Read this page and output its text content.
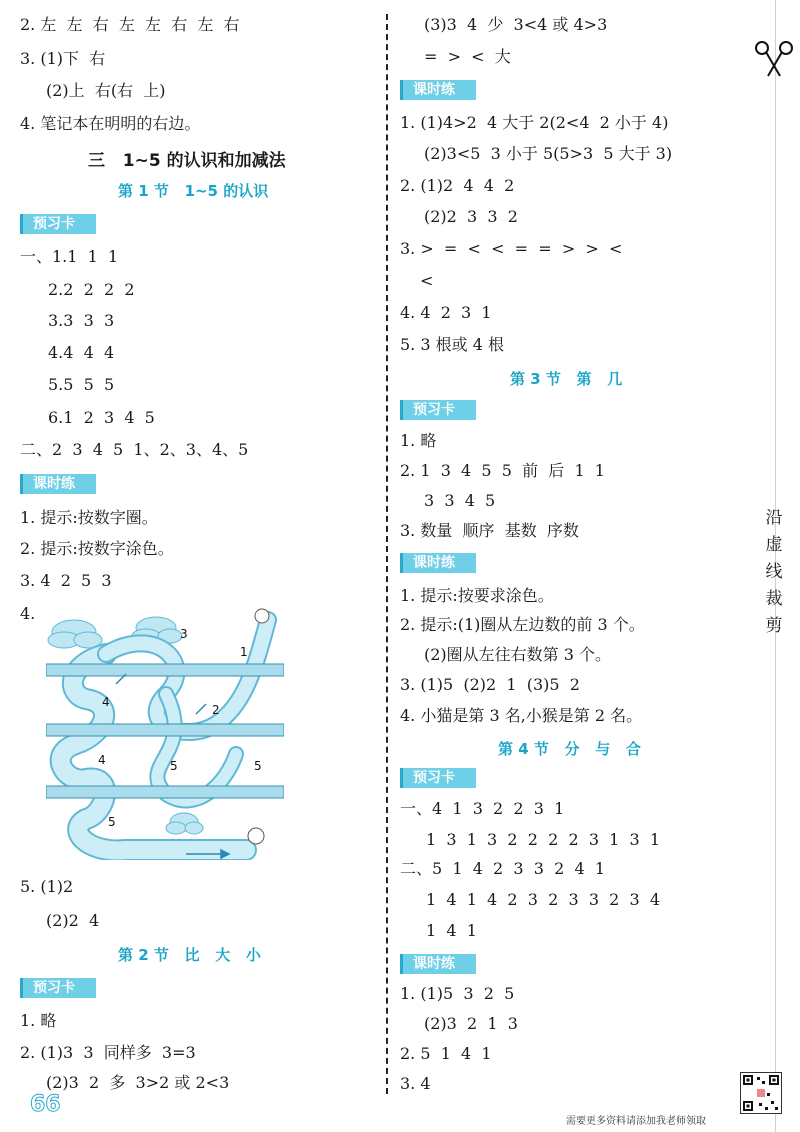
2. 左  左  右  左  左  右  左  右
3. (1)下  右
(2)上  右(右  上)
4. 笔记本在明明的右边。
三   1~5 的认识和加减法
第 1 节   1~5 的认识
预习卡
一、1.1  1  1
2.2  2  2  2
3.3  3  3
4.4  4  4
5.5  5  5
6.1  2  3  4  5
二、2  3  4  5  1、2、3、4、5
课时练
1. 提示:按数字圈。
2. 提示:按数字涂色。
3. 4  2  5  3
4.
1
2
3
4
4	5	5
5
5. (1)2
(2)2  4
第 2 节   比   大   小
预习卡
1. 略
2. (1)3  3  同样多  3=3
(2)3  2  多  3>2 或 2<3
66
(3)3  4  少  3<4 或 4>3
=  >  <  大
课时练
1. (1)4>2  4 大于 2(2<4  2 小于 4)
(2)3<5  3 小于 5(5>3  5 大于 3)
2. (1)2  4  4  2
(2)2  3  3  2
3. >  =  <  <  =  =  >  >  <
<
4. 4  2  3  1
5. 3 根或 4 根
第 3 节   第   几
预习卡
1. 略
2. 1  3  4  5  5  前  后  1  1
3  3  4  5
3. 数量  顺序  基数  序数
课时练
1. 提示:按要求涂色。
2. 提示:(1)圈从左边数的前 3 个。
(2)圈从左往右数第 3 个。
3. (1)5  (2)2  1  (3)5  2
4. 小猫是第 3 名,小猴是第 2 名。
第 4 节   分   与   合
预习卡
一、4  1  3  2  2  3  1
1  3  1  3  2  2  2  2  3  1  3  1
二、5  1  4  2  3  3  2  4  1
1  4  1  4  2  3  2  3  3  2  3  4
1  4  1
课时练
1. (1)5  3  2  5
(2)3  2  1  3
2. 5  1  4  1
3. 4
沿虚线裁剪
需要更多资料请添加我老师领取
